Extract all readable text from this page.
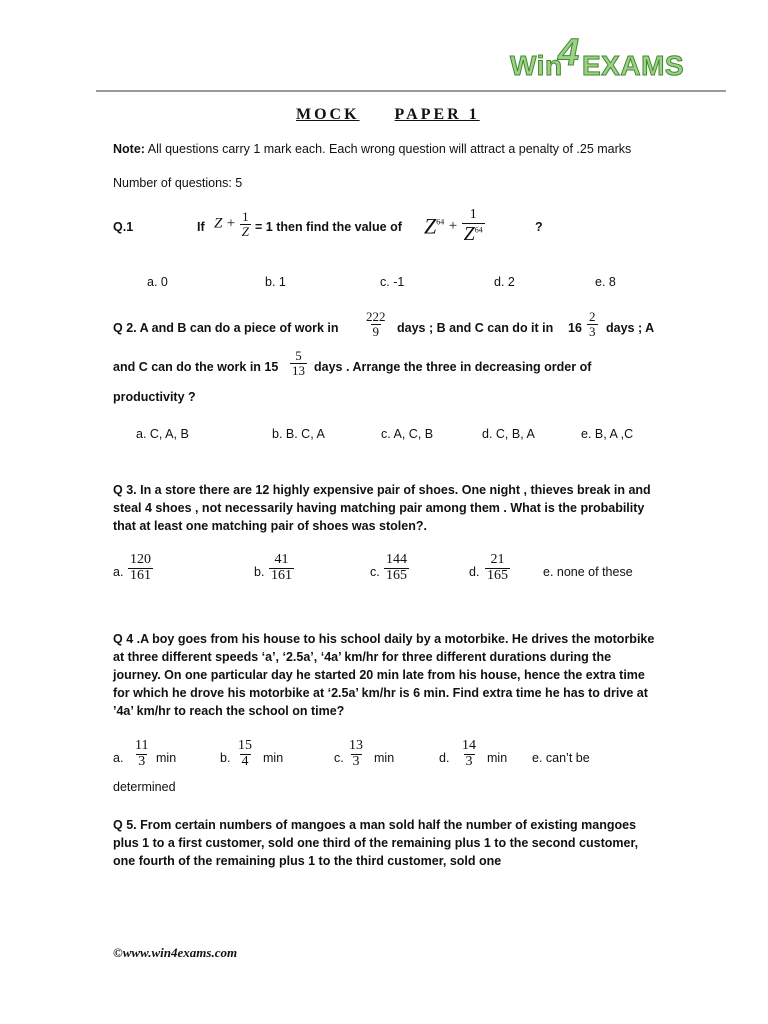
Win
4 EXAMS
MOCK PAPER 1
Note: All questions carry 1 mark each. Each wrong question will attract a penalty of .25 marks
Number of questions: 5
Q.1	If $Z + \frac{1}{Z} = 1$ then find the value of $Z^{64} + \frac{1}{Z^{64}}$	?
a. 0	b. 1	c. -1	d. 2	e. 8
Q 2. A and B can do a piece of work in $\frac{222}{9}$ days ; B and C can do it in $16 \frac{2}{3}$ days ; A
and C can do the work in $15 \frac{5}{13}$ days . Arrange the three in decreasing order of
productivity ?
a. C, A, B	b. B. C, A	c. A, C, B	d. C, B, A	e. B, A ,C
Q 3. In a store there are 12 highly expensive pair of shoes. One night , thieves break in and steal 4 shoes , not necessarily having matching pair among them . What is the probability that at least one matching pair of shoes was stolen?.
a. $\frac{120}{161}$	b. $\frac{41}{161}$	c. $\frac{144}{165}$	d. $\frac{21}{165}$	e. none of these
Q 4 .A boy goes from his house to his school daily by a motorbike. He drives the motorbike at three different speeds ‘a’, ‘2.5a’, ‘4a’ km/hr for three different durations during the journey. On one particular day he started 20 min late from his house, hence the extra time for which he drove his motorbike at ‘2.5a’ km/hr is 6 min. Find extra time he has to drive at ’4a’ km/hr to reach the school on time?
a. $\frac{11}{3}$ min	b. $\frac{15}{4}$ min	c. $\frac{13}{3}$ min	d. $\frac{14}{3}$ min e. can’t be
determined
Q 5. From certain numbers of mangoes a man sold half the number of existing mangoes plus 1 to a first customer, sold one third of the remaining plus 1 to the second customer, one fourth of the remaining plus 1 to the third customer, sold one
©www.win4exams.com
